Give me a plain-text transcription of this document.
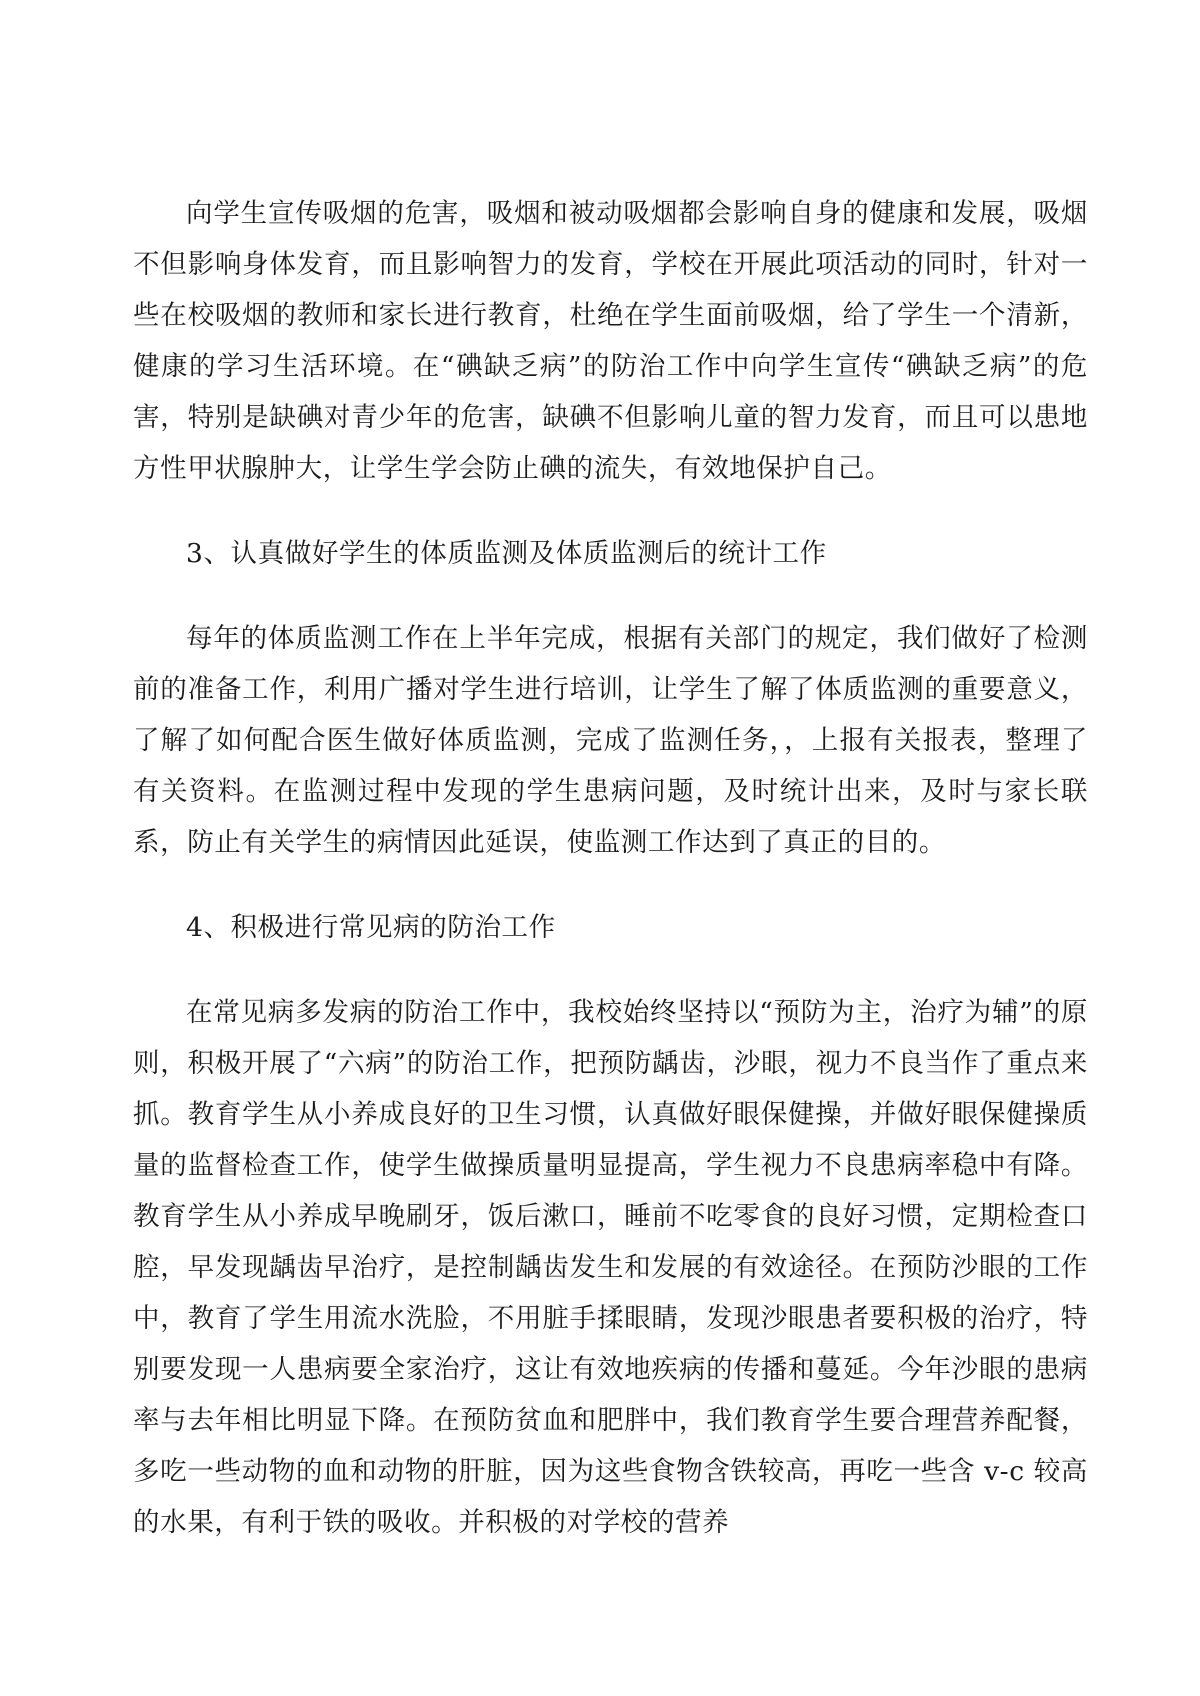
向学生宣传吸烟的危害，吸烟和被动吸烟都会影响自身的健康和发展，吸烟不但影响身体发育，而且影响智力的发育，学校在开展此项活动的同时，针对一些在校吸烟的教师和家长进行教育，杜绝在学生面前吸烟，给了学生一个清新，健康的学习生活环境。在“碘缺乏病”的防治工作中向学生宣传“碘缺乏病”的危害，特别是缺碘对青少年的危害，缺碘不但影响儿童的智力发育，而且可以患地方性甲状腺肿大，让学生学会防止碘的流失，有效地保护自己。

3、认真做好学生的体质监测及体质监测后的统计工作

每年的体质监测工作在上半年完成，根据有关部门的规定，我们做好了检测前的准备工作，利用广播对学生进行培训，让学生了解了体质监测的重要意义，了解了如何配合医生做好体质监测，完成了监测任务，，上报有关报表，整理了有关资料。在监测过程中发现的学生患病问题，及时统计出来，及时与家长联系，防止有关学生的病情因此延误，使监测工作达到了真正的目的。

4、积极进行常见病的防治工作

在常见病多发病的防治工作中，我校始终坚持以“预防为主，治疗为辅”的原则，积极开展了“六病”的防治工作，把预防龋齿，沙眼，视力不良当作了重点来抓。教育学生从小养成良好的卫生习惯，认真做好眼保健操，并做好眼保健操质量的监督检查工作，使学生做操质量明显提高，学生视力不良患病率稳中有降。教育学生从小养成早晚刷牙，饭后漱口，睡前不吃零食的良好习惯，定期检查口腔，早发现龋齿早治疗，是控制龋齿发生和发展的有效途径。在预防沙眼的工作中，教育了学生用流水洗脸，不用脏手揉眼睛，发现沙眼患者要积极的治疗，特别要发现一人患病要全家治疗，这让有效地疾病的传播和蔓延。今年沙眼的患病率与去年相比明显下降。在预防贫血和肥胖中，我们教育学生要合理营养配餐，多吃一些动物的血和动物的肝脏，因为这些食物含铁较高，再吃一些含 v-c 较高的水果，有利于铁的吸收。并积极的对学校的营养
